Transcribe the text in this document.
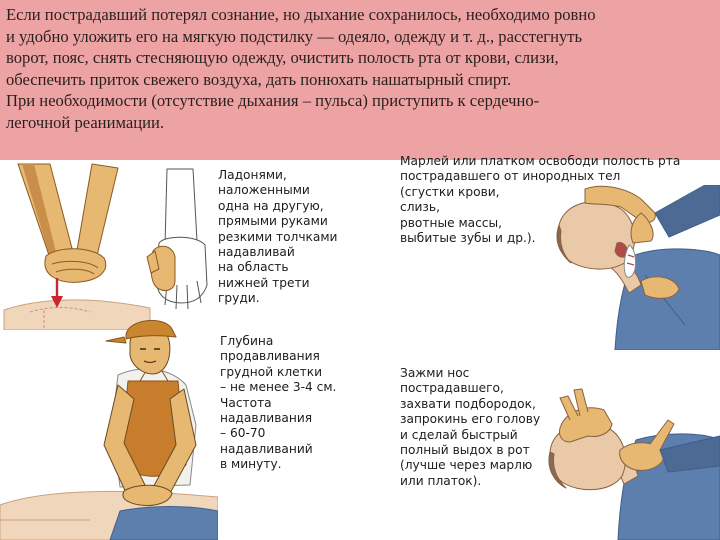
Если пострадавший потерял сознание, но дыхание сохранилось, необходимо ровно
и удобно уложить его на мягкую подстилку — одеяло, одежду и т. д., расстегнуть
ворот, пояс, снять стесняющую одежду, очистить полость рта от крови, слизи,
обеспечить приток свежего воздуха, дать понюхать нашатырный спирт.
При необходимости (отсутствие дыхания – пульса) приступить к сердечно-
легочной реанимации.

Ладонями,
наложенными
одна на другую,
прямыми руками
резкими толчками
надавливай
на область
нижней трети
груди.

Марлей или платком освободи полость рта
пострадавшего от инородных тел
(сгустки крови,
слизь,
рвотные массы,
выбитые зубы и др.).

Глубина
продавливания
грудной клетки
– не менее 3-4 см.
Частота
надавливания
– 60-70
надавливаний
в минуту.

Зажми нос
пострадавшего,
захвати подбородок,
запрокинь его голову
и сделай быстрый
полный выдох в рот
(лучше через марлю
или платок).
